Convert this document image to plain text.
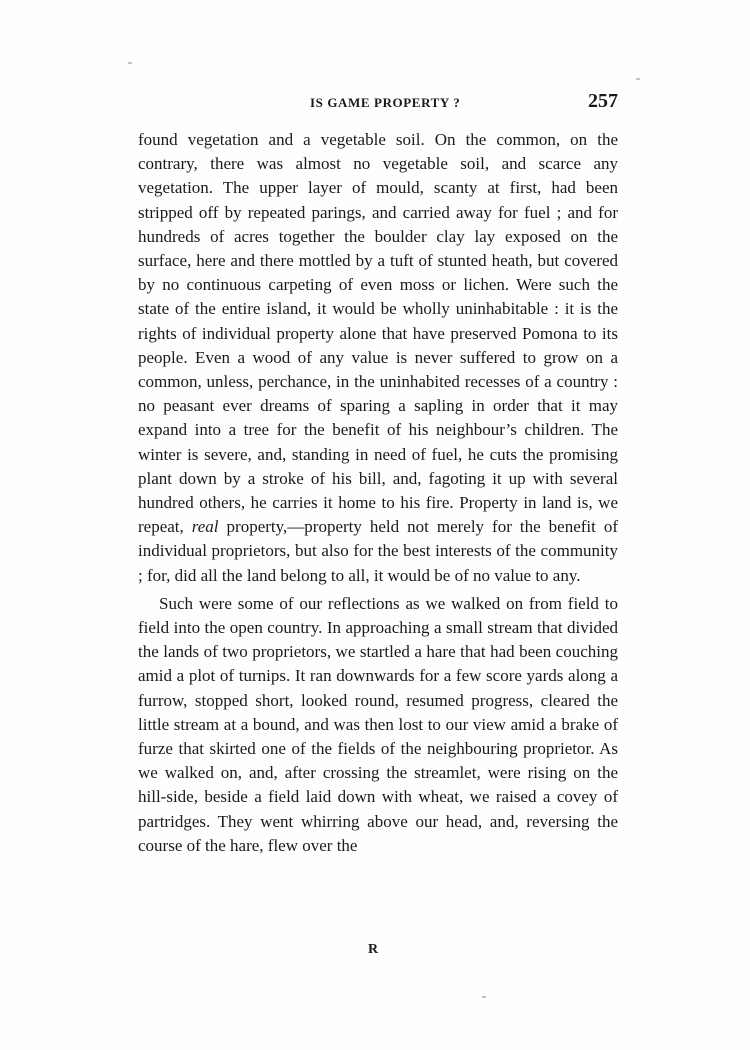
IS GAME PROPERTY ?	257

found vegetation and a vegetable soil. On the common, on the contrary, there was almost no vegetable soil, and scarce any vegetation. The upper layer of mould, scanty at first, had been stripped off by repeated parings, and carried away for fuel ; and for hundreds of acres together the boulder clay lay exposed on the surface, here and there mottled by a tuft of stunted heath, but covered by no continuous carpeting of even moss or lichen. Were such the state of the entire island, it would be wholly uninhabitable : it is the rights of individual property alone that have preserved Pomona to its people. Even a wood of any value is never suffered to grow on a common, unless, perchance, in the uninhabited recesses of a country : no peasant ever dreams of sparing a sapling in order that it may expand into a tree for the benefit of his neighbour’s children. The winter is severe, and, standing in need of fuel, he cuts the promising plant down by a stroke of his bill, and, fagoting it up with several hundred others, he carries it home to his fire. Property in land is, we repeat, real property,—property held not merely for the benefit of individual proprietors, but also for the best interests of the community ; for, did all the land belong to all, it would be of no value to any.

Such were some of our reflections as we walked on from field to field into the open country. In approaching a small stream that divided the lands of two proprietors, we startled a hare that had been couching amid a plot of turnips. It ran downwards for a few score yards along a furrow, stopped short, looked round, resumed progress, cleared the little stream at a bound, and was then lost to our view amid a brake of furze that skirted one of the fields of the neighbouring proprietor. As we walked on, and, after crossing the streamlet, were rising on the hill-side, beside a field laid down with wheat, we raised a covey of partridges. They went whirring above our head, and, reversing the course of the hare, flew over the

R
